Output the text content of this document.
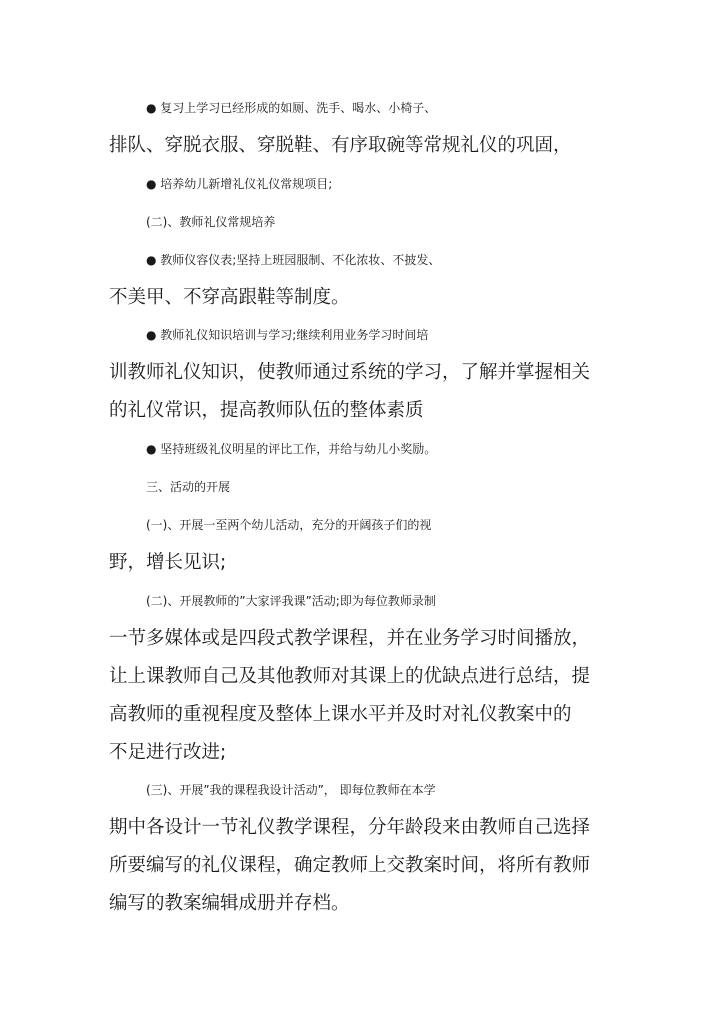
● 复习上学习已经形成的如厕、洗手、喝水、小椅子、
排队、穿脱衣服、穿脱鞋、有序取碗等常规礼仪的巩固，
● 培养幼儿新增礼仪礼仪常规项目;
(二)、教师礼仪常规培养
● 教师仪容仪表;坚持上班园服制、不化浓妆、不披发、
不美甲、不穿高跟鞋等制度。
● 教师礼仪知识培训与学习;继续利用业务学习时间培
训教师礼仪知识，使教师通过系统的学习，了解并掌握相关
的礼仪常识，提高教师队伍的整体素质
● 坚持班级礼仪明星的评比工作，并给与幼儿小奖励。
三、活动的开展
(一)、开展一至两个幼儿活动，充分的开阔孩子们的视
野，增长见识;
(二)、开展教师的”大家评我课”活动;即为每位教师录制
一节多媒体或是四段式教学课程，并在业务学习时间播放，
让上课教师自己及其他教师对其课上的优缺点进行总结，提
高教师的重视程度及整体上课水平并及时对礼仪教案中的
不足进行改进;
(三)、开展”我的课程我设计活动”， 即每位教师在本学
期中各设计一节礼仪教学课程，分年龄段来由教师自己选择
所要编写的礼仪课程，确定教师上交教案时间，将所有教师
编写的教案编辑成册并存档。
